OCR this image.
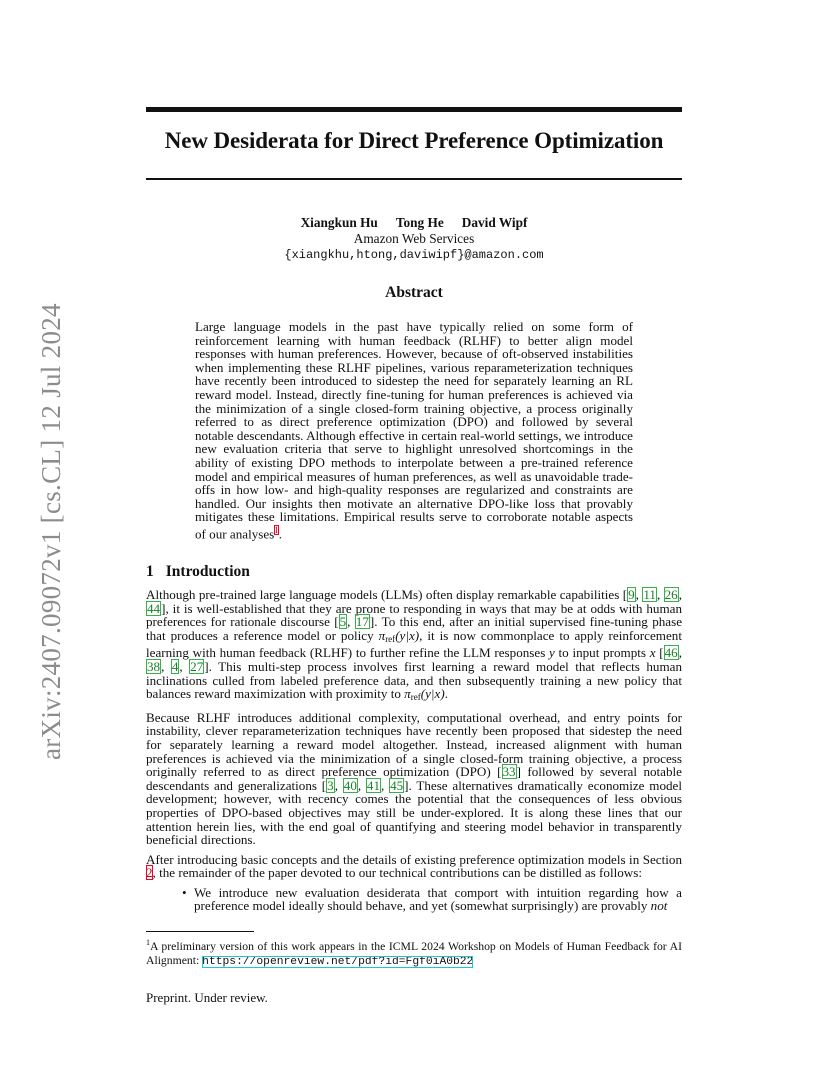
arXiv:2407.09072v1 [cs.CL] 12 Jul 2024
New Desiderata for Direct Preference Optimization
Xiangkun Hu Tong He David Wipf
Amazon Web Services
{xiangkhu,htong,daviwipf}@amazon.com
Abstract
Large language models in the past have typically relied on some form of reinforcement learning with human feedback (RLHF) to better align model responses with human preferences. However, because of oft-observed instabilities when implementing these RLHF pipelines, various reparameterization techniques have recently been introduced to sidestep the need for separately learning an RL reward model. Instead, directly fine-tuning for human preferences is achieved via the minimization of a single closed-form training objective, a process originally referred to as direct preference optimization (DPO) and followed by several notable descendants. Although effective in certain real-world settings, we introduce new evaluation criteria that serve to highlight unresolved shortcomings in the ability of existing DPO methods to interpolate between a pre-trained reference model and empirical measures of human preferences, as well as unavoidable trade-offs in how low- and high-quality responses are regularized and constraints are handled. Our insights then motivate an alternative DPO-like loss that provably mitigates these limitations. Empirical results serve to corroborate notable aspects of our analyses$^1$.
1 Introduction

Although pre-trained large language models (LLMs) often display remarkable capabilities [9, 11, 26, 44], it is well-established that they are prone to responding in ways that may be at odds with human preferences for rationale discourse [5, 17]. To this end, after an initial supervised fine-tuning phase that produces a reference model or policy $\pi_{ref}(y|x)$, it is now commonplace to apply reinforcement learning with human feedback (RLHF) to further refine the LLM responses y to input prompts x [46, 38, 4, 27]. This multi-step process involves first learning a reward model that reflects human inclinations culled from labeled preference data, and then subsequently training a new policy that balances reward maximization with proximity to $\pi_{ref}(y|x)$.

Because RLHF introduces additional complexity, computational overhead, and entry points for instability, clever reparameterization techniques have recently been proposed that sidestep the need for separately learning a reward model altogether. Instead, increased alignment with human preferences is achieved via the minimization of a single closed-form training objective, a process originally referred to as direct preference optimization (DPO) [33] followed by several notable descendants and generalizations [3, 40, 41, 45]. These alternatives dramatically economize model development; however, with recency comes the potential that the consequences of less obvious properties of DPO-based objectives may still be under-explored. It is along these lines that our attention herein lies, with the end goal of quantifying and steering model behavior in transparently beneficial directions.

After introducing basic concepts and the details of existing preference optimization models in Section 2, the remainder of the paper devoted to our technical contributions can be distilled as follows:

• We introduce new evaluation desiderata that comport with intuition regarding how a preference model ideally should behave, and yet (somewhat surprisingly) are provably not
$^1$A preliminary version of this work appears in the ICML 2024 Workshop on Models of Human Feedback for AI Alignment: https://openreview.net/pdf?id=Fgf0iA0b22
Preprint. Under review.
